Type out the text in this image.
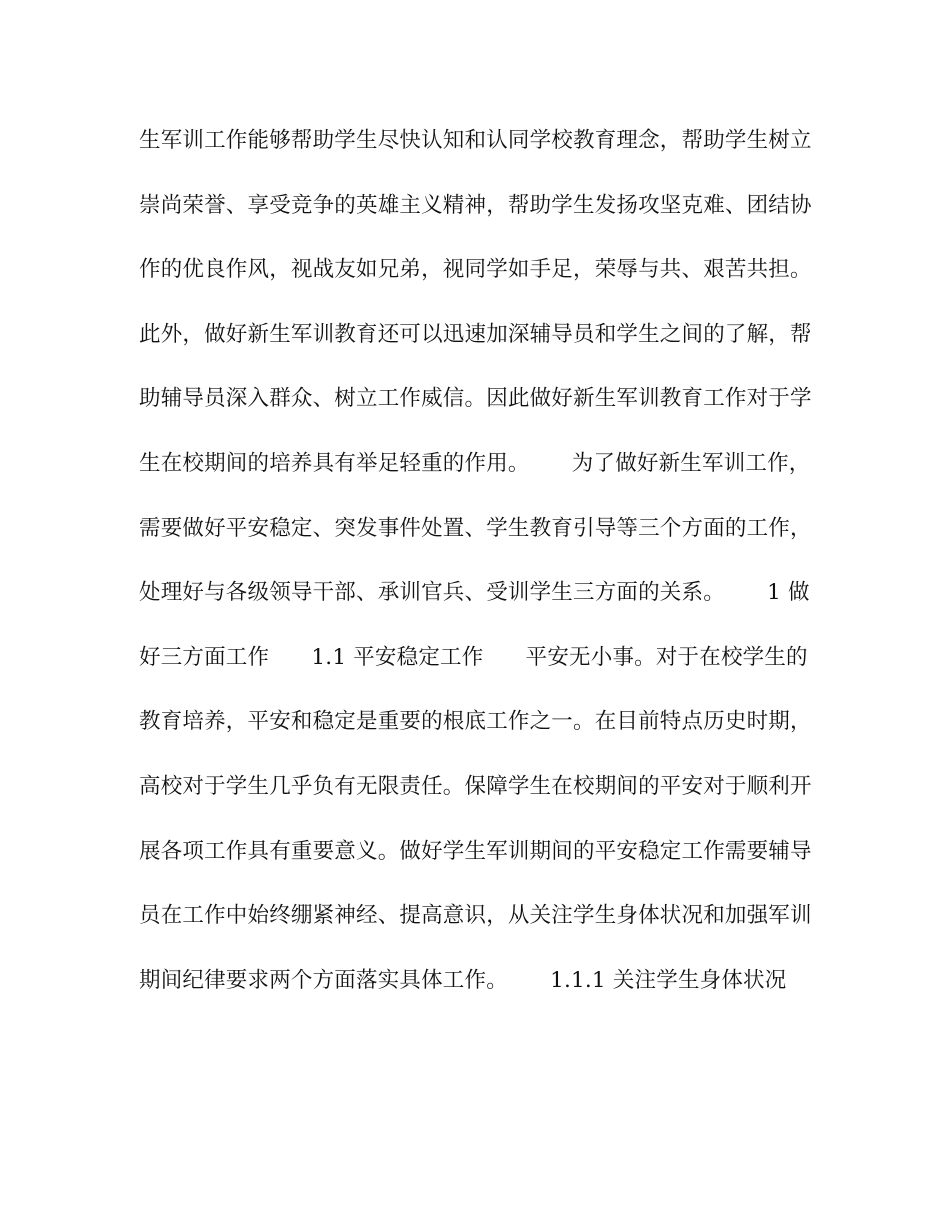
生军训工作能够帮助学生尽快认知和认同学校教育理念，帮助学生树立
崇尚荣誉、享受竞争的英雄主义精神，帮助学生发扬攻坚克难、团结协
作的优良作风，视战友如兄弟，视同学如手足，荣辱与共、艰苦共担。
此外，做好新生军训教育还可以迅速加深辅导员和学生之间的了解，帮
助辅导员深入群众、树立工作威信。因此做好新生军训教育工作对于学
生在校期间的培养具有举足轻重的作用。      为了做好新生军训工作，
需要做好平安稳定、突发事件处置、学生教育引导等三个方面的工作，
处理好与各级领导干部、承训官兵、受训学生三方面的关系。      1 做
好三方面工作      1.1 平安稳定工作      平安无小事。对于在校学生的
教育培养，平安和稳定是重要的根底工作之一。在目前特点历史时期，
高校对于学生几乎负有无限责任。保障学生在校期间的平安对于顺利开
展各项工作具有重要意义。做好学生军训期间的平安稳定工作需要辅导
员在工作中始终绷紧神经、提高意识，从关注学生身体状况和加强军训
期间纪律要求两个方面落实具体工作。      1.1.1 关注学生身体状况
